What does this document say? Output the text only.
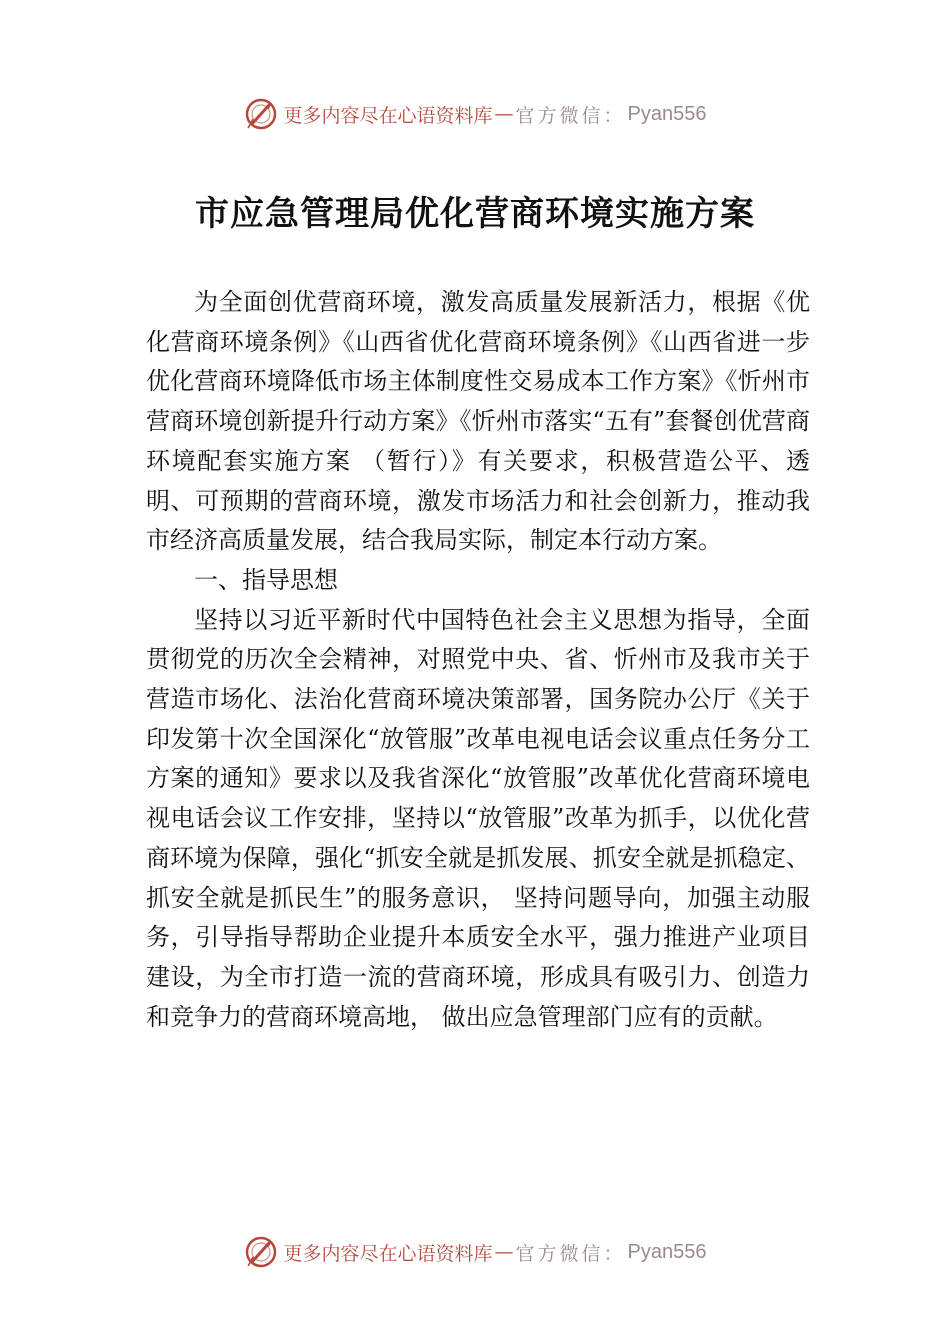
更多内容尽在心语资料库 — 官方微信： Pyan556
市应急管理局优化营商环境实施方案

为全面创优营商环境，激发高质量发展新活力，根据《优化营商环境条例》《山西省优化营商环境条例》《山西省进一步优化营商环境降低市场主体制度性交易成本工作方案》《忻州市营商环境创新提升行动方案》《忻州市落实“五有”套餐创优营商环境配套实施方案 （暂行）》有关要求，积极营造公平、透明、可预期的营商环境，激发市场活力和社会创新力，推动我市经济高质量发展，结合我局实际，制定本行动方案。

一、指导思想

坚持以习近平新时代中国特色社会主义思想为指导，全面贯彻党的历次全会精神，对照党中央、省、忻州市及我市关于营造市场化、法治化营商环境决策部署，国务院办公厅《关于印发第十次全国深化“放管服”改革电视电话会议重点任务分工方案的通知》要求以及我省深化“放管服”改革优化营商环境电视电话会议工作安排，坚持以“放管服”改革为抓手，以优化营商环境为保障，强化“抓安全就是抓发展、抓安全就是抓稳定、抓安全就是抓民生”的服务意识， 坚持问题导向，加强主动服务，引导指导帮助企业提升本质安全水平，强力推进产业项目建设，为全市打造一流的营商环境，形成具有吸引力、创造力和竞争力的营商环境高地， 做出应急管理部门应有的贡献。

更多内容尽在心语资料库 — 官方微信： Pyan556
